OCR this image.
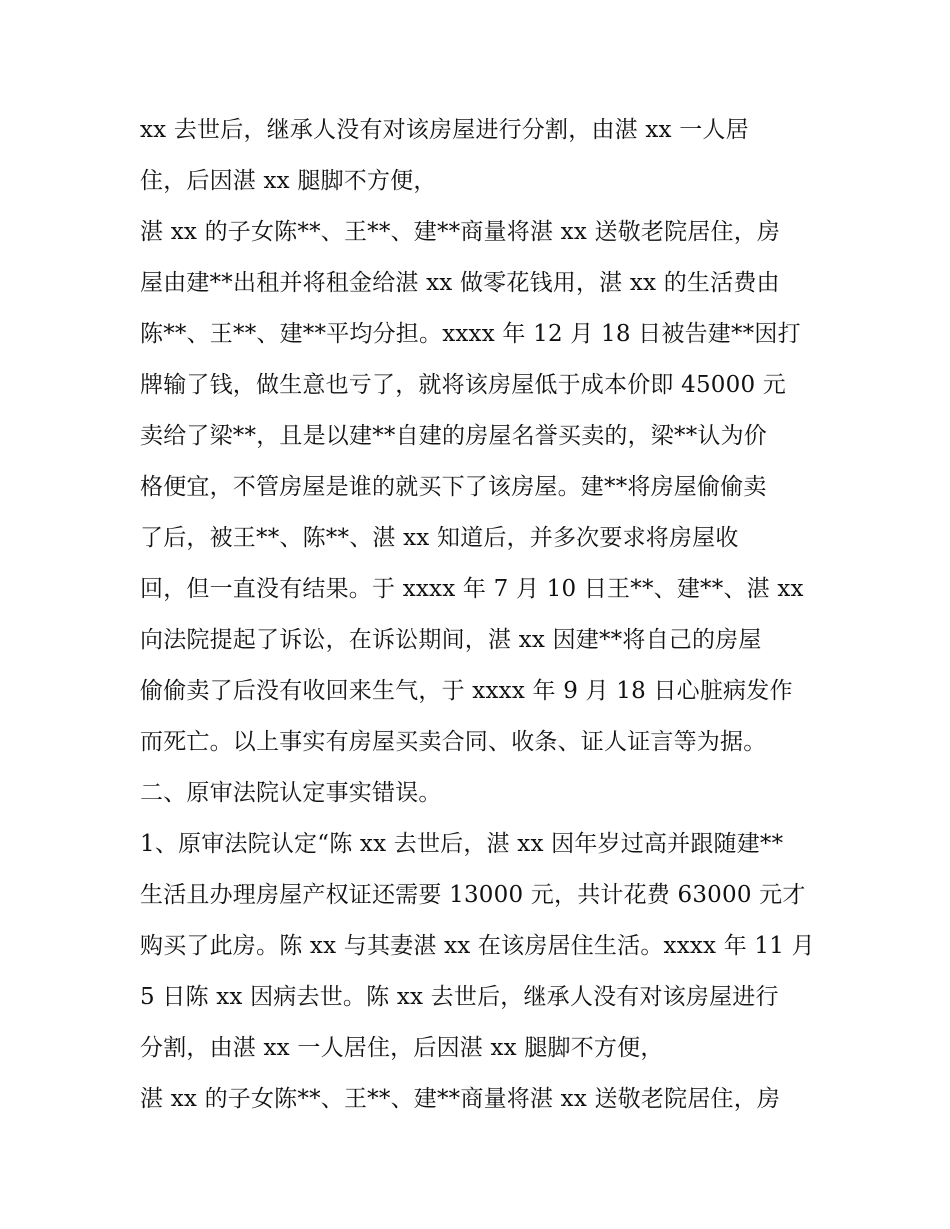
xx 去世后，继承人没有对该房屋进行分割，由湛 xx 一人居
住，后因湛 xx 腿脚不方便，
湛 xx 的子女陈**、王**、建**商量将湛 xx 送敬老院居住，房
屋由建**出租并将租金给湛 xx 做零花钱用，湛 xx 的生活费由
陈**、王**、建**平均分担。xxxx 年 12 月 18 日被告建**因打
牌输了钱，做生意也亏了，就将该房屋低于成本价即 45000 元
卖给了梁**，且是以建**自建的房屋名誉买卖的，梁**认为价
格便宜，不管房屋是谁的就买下了该房屋。建**将房屋偷偷卖
了后，被王**、陈**、湛 xx 知道后，并多次要求将房屋收
回，但一直没有结果。于 xxxx 年 7 月 10 日王**、建**、湛 xx
向法院提起了诉讼，在诉讼期间，湛 xx 因建**将自己的房屋
偷偷卖了后没有收回来生气，于 xxxx 年 9 月 18 日心脏病发作
而死亡。以上事实有房屋买卖合同、收条、证人证言等为据。
二、原审法院认定事实错误。
1、原审法院认定“陈 xx 去世后，湛 xx 因年岁过高并跟随建**
生活且办理房屋产权证还需要 13000 元，共计花费 63000 元才
购买了此房。陈 xx 与其妻湛 xx 在该房居住生活。xxxx 年 11 月
5 日陈 xx 因病去世。陈 xx 去世后，继承人没有对该房屋进行
分割，由湛 xx 一人居住，后因湛 xx 腿脚不方便，
湛 xx 的子女陈**、王**、建**商量将湛 xx 送敬老院居住，房
